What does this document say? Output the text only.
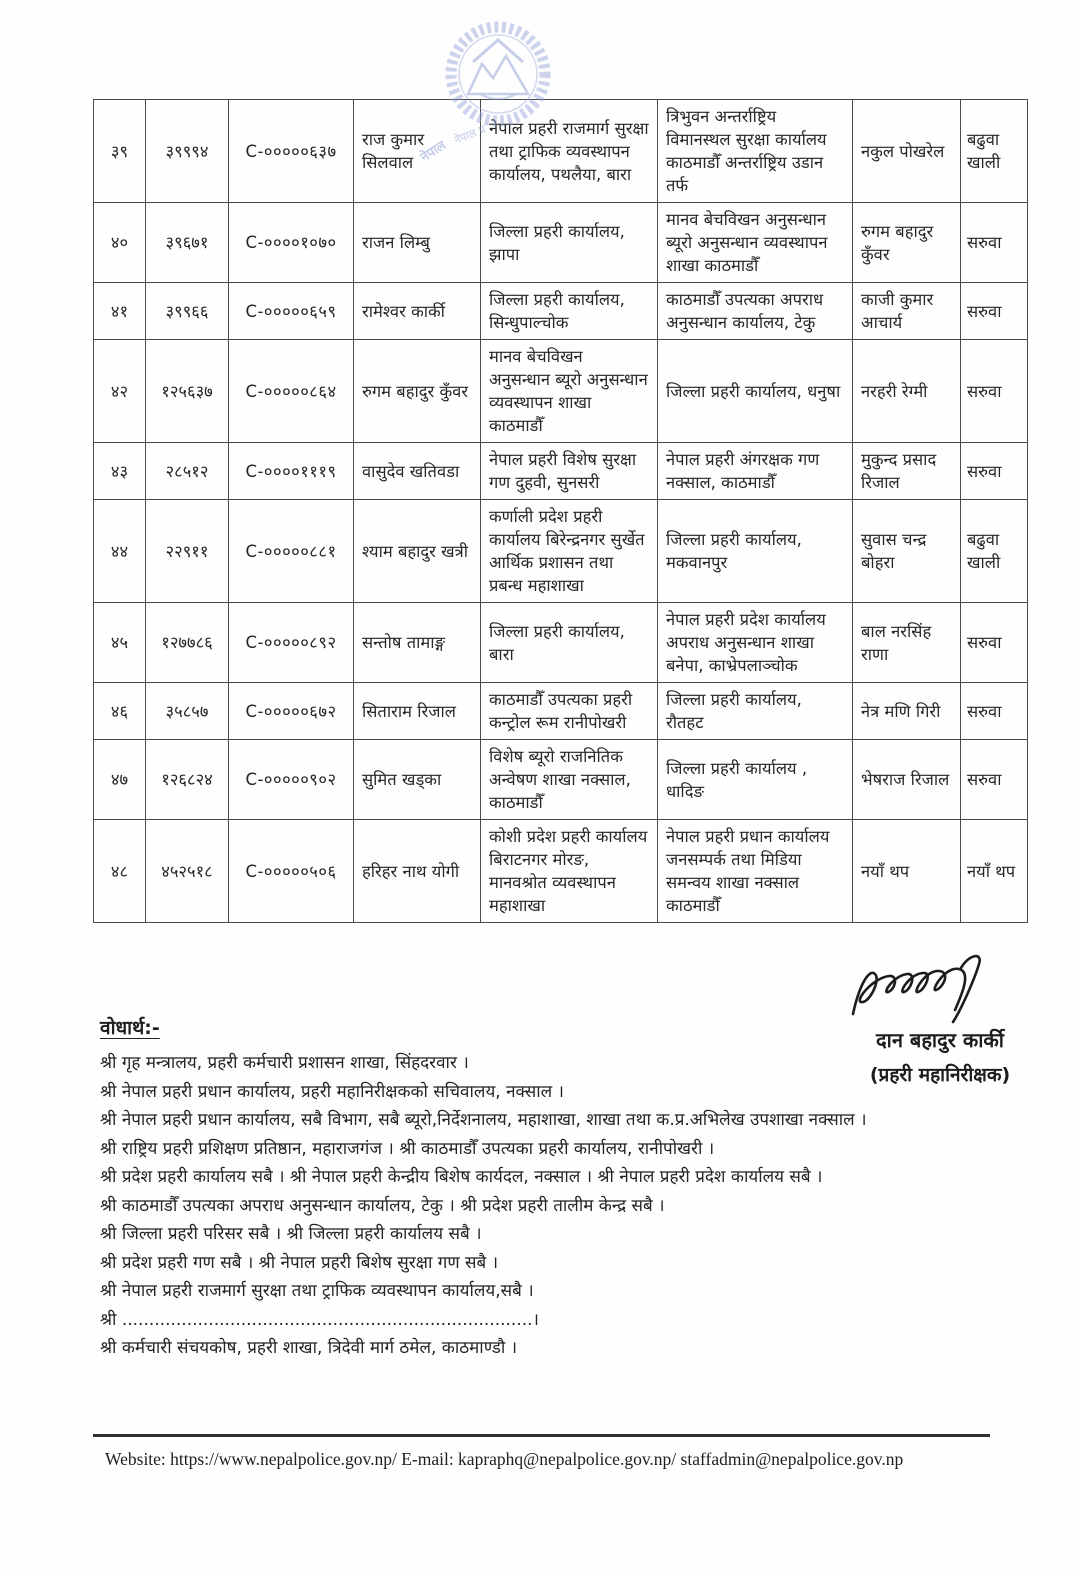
नेपाल
नेपाल प्र
३९	३९९९४	C-०००००६३७	राज कुमार सिलवाल	नेपाल प्रहरी राजमार्ग सुरक्षा तथा ट्राफिक व्यवस्थापन कार्यालय, पथलैया, बारा	त्रिभुवन अन्तर्राष्ट्रिय विमानस्थल सुरक्षा कार्यालय काठमाडौँ अन्तर्राष्ट्रिय उडान तर्फ	नकुल पोखरेल	बढुवा खाली
४०	३९६७१	C-००००१०७०	राजन लिम्बु	जिल्ला प्रहरी कार्यालय, झापा	मानव बेचविखन अनुसन्धान ब्यूरो अनुसन्धान व्यवस्थापन शाखा काठमाडौँ	रुगम बहादुर कुँवर	सरुवा
४१	३९९६६	C-०००००६५९	रामेश्वर कार्की	जिल्ला प्रहरी कार्यालय, सिन्धुपाल्चोक	काठमाडौँ उपत्यका अपराध अनुसन्धान कार्यालय, टेकु	काजी कुमार आचार्य	सरुवा
४२	१२५६३७	C-०००००८६४	रुगम बहादुर कुँवर	मानव बेचविखन अनुसन्धान ब्यूरो अनुसन्धान व्यवस्थापन शाखा काठमाडौँ	जिल्ला प्रहरी कार्यालय, धनुषा	नरहरी रेग्मी	सरुवा
४३	२८५१२	C-००००१११९	वासुदेव खतिवडा	नेपाल प्रहरी विशेष सुरक्षा गण दुहवी, सुनसरी	नेपाल प्रहरी अंगरक्षक गण नक्साल, काठमाडौँ	मुकुन्द प्रसाद रिजाल	सरुवा
४४	२२९११	C-०००००८८१	श्याम बहादुर खत्री	कर्णाली प्रदेश प्रहरी कार्यालय बिरेन्द्रनगर सुर्खेत आर्थिक प्रशासन तथा प्रबन्ध महाशाखा	जिल्ला प्रहरी कार्यालय, मकवानपुर	सुवास चन्द्र बोहरा	बढुवा खाली
४५	१२७७८६	C-०००००८९२	सन्तोष तामाङ्ग	जिल्ला प्रहरी कार्यालय, बारा	नेपाल प्रहरी प्रदेश कार्यालय अपराध अनुसन्धान शाखा बनेपा, काभ्रेपलाञ्चोक	बाल नरसिंह राणा	सरुवा
४६	३५८५७	C-०००००६७२	सिताराम रिजाल	काठमाडौँ उपत्यका प्रहरी कन्ट्रोल रूम रानीपोखरी	जिल्ला प्रहरी कार्यालय, रौतहट	नेत्र मणि गिरी	सरुवा
४७	१२६८२४	C-०००००९०२	सुमित खड्का	विशेष ब्यूरो राजनितिक अन्वेषण शाखा नक्साल, काठमाडौँ	जिल्ला प्रहरी कार्यालय , धादिङ	भेषराज रिजाल	सरुवा
४८	४५२५१८	C-०००००५०६	हरिहर नाथ योगी	कोशी प्रदेश प्रहरी कार्यालय बिराटनगर मोरङ, मानवश्रोत व्यवस्थापन महाशाखा	नेपाल प्रहरी प्रधान कार्यालय जनसम्पर्क तथा मिडिया समन्वय शाखा नक्साल काठमाडौँ	नयाँ थप	नयाँ थप
वोधार्थ:-
श्री गृह मन्त्रालय, प्रहरी कर्मचारी प्रशासन शाखा, सिंहदरवार ।
श्री नेपाल प्रहरी प्रधान कार्यालय, प्रहरी महानिरीक्षकको सचिवालय, नक्साल ।
श्री नेपाल प्रहरी प्रधान कार्यालय, सबै विभाग, सबै ब्यूरो,निर्देशनालय, महाशाखा, शाखा तथा क.प्र.अभिलेख उपशाखा नक्साल ।
श्री राष्ट्रिय प्रहरी प्रशिक्षण प्रतिष्ठान, महाराजगंज । श्री काठमाडौँ उपत्यका प्रहरी कार्यालय, रानीपोखरी ।
श्री प्रदेश प्रहरी कार्यालय सबै । श्री नेपाल प्रहरी केन्द्रीय बिशेष कार्यदल, नक्साल । श्री नेपाल प्रहरी प्रदेश कार्यालय सबै ।
श्री काठमाडौँ उपत्यका अपराध अनुसन्धान कार्यालय, टेकु । श्री प्रदेश प्रहरी तालीम केन्द्र सबै ।
श्री जिल्ला प्रहरी परिसर सबै । श्री जिल्ला प्रहरी कार्यालय सबै ।
श्री प्रदेश प्रहरी गण सबै । श्री नेपाल प्रहरी बिशेष सुरक्षा गण सबै ।
श्री नेपाल प्रहरी राजमार्ग सुरक्षा तथा ट्राफिक व्यवस्थापन कार्यालय,सबै ।
श्री ............................................................................।
श्री कर्मचारी संचयकोष, प्रहरी शाखा, त्रिदेवी मार्ग ठमेल, काठमाण्डौ ।
दान बहादुर कार्की
(प्रहरी महानिरीक्षक)
Website: https://www.nepalpolice.gov.np/ E-mail: kapraphq@nepalpolice.gov.np/ staffadmin@nepalpolice.gov.np
